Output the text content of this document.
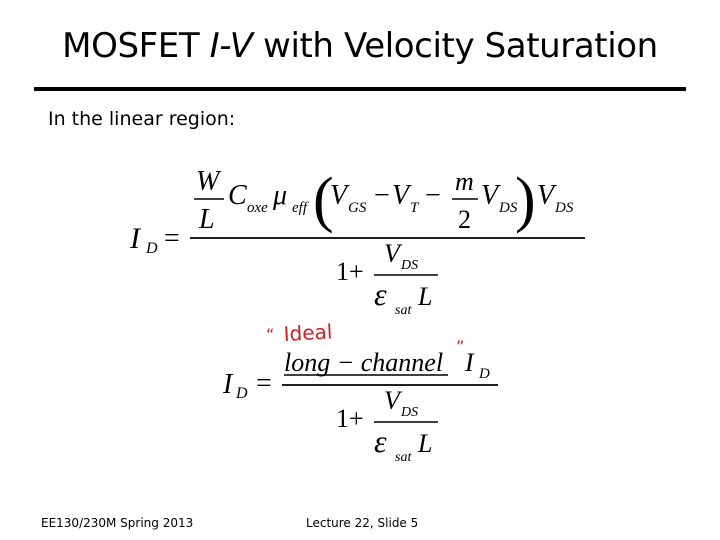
MOSFET I-V with Velocity Saturation
In the linear region:
I D =
W
L
C oxe μ eff (	)
V GS − V T − m
2
V DS V DS
1+
V DS
ε sat L
“ Ideal
”
I D =
long − channel I D
1+
V DS
ε sat L
EE130/230M Spring 2013	Lecture 22, Slide 5
